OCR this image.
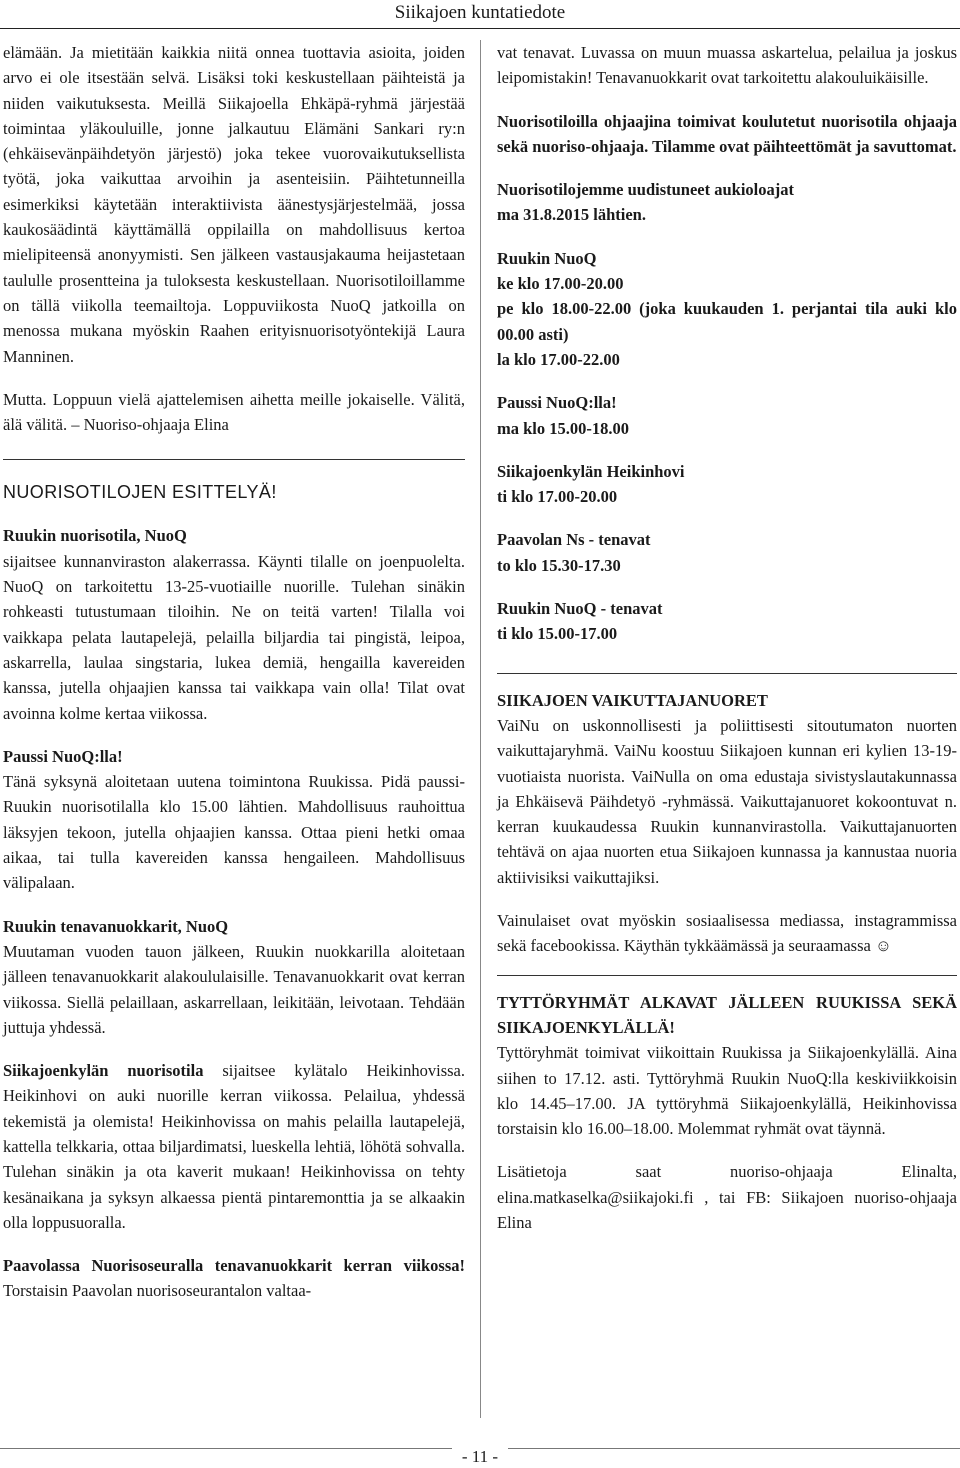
Siikajoen kuntatiedote

elämään. Ja mietitään kaikkia niitä onnea tuottavia asioita, joiden arvo ei ole itsestään selvä. Lisäksi toki keskustellaan päihteistä ja niiden vaikutuksesta. Meillä Siikajoella Ehkäpä-ryhmä järjestää toimintaa yläkouluille, jonne jalkautuu Elämäni Sankari ry:n (ehkäisevänpäihdetyön järjestö) joka tekee vuorovaikutuksellista työtä, joka vaikuttaa arvoihin ja asenteisiin. Päihtetunneilla esimerkiksi käytetään interaktiivista äänestysjärjestelmää, jossa kaukosäädintä käyttämällä oppilailla on mahdollisuus kertoa mielipiteensä anonyymisti. Sen jälkeen vastausjakauma heijastetaan taululle prosentteina ja tuloksesta keskustellaan. Nuorisotiloillamme on tällä viikolla teemailtoja. Loppuviikosta NuoQ jatkoilla on menossa mukana myöskin Raahen erityisnuorisotyöntekijä Laura Manninen.

Mutta. Loppuun vielä ajattelemisen aihetta meille jokaiselle. Välitä, älä välitä. – Nuoriso-ohjaaja Elina

NUORISOTILOJEN ESITTELYÄ!

Ruukin nuorisotila, NuoQ

sijaitsee kunnanviraston alakerrassa. Käynti tilalle on joenpuolelta. NuoQ on tarkoitettu 13-25-vuotiaille nuorille. Tulehan sinäkin rohkeasti tutustumaan tiloihin. Ne on teitä varten! Tilalla voi vaikkapa pelata lautapelejä, pelailla biljardia tai pingistä, leipoa, askarrella, laulaa singstaria, lukea demiä, hengailla kavereiden kanssa, jutella ohjaajien kanssa tai vaikkapa vain olla! Tilat ovat avoinna kolme kertaa viikossa.

Paussi NuoQ:lla!

Tänä syksynä aloitetaan uutena toimintona Ruukissa. Pidä paussi- Ruukin nuorisotilalla klo 15.00 lähtien. Mahdollisuus rauhoittua läksyjen tekoon, jutella ohjaajien kanssa. Ottaa pieni hetki omaa aikaa, tai tulla kavereiden kanssa hengaileen. Mahdollisuus välipalaan.

Ruukin tenavanuokkarit, NuoQ

Muutaman vuoden tauon jälkeen, Ruukin nuokkarilla aloitetaan jälleen tenavanuokkarit alakoululaisille. Tenavanuokkarit ovat kerran viikossa. Siellä pelaillaan, askarrellaan, leikitään, leivotaan. Tehdään juttuja yhdessä.

Siikajoenkylän nuorisotila sijaitsee kylätalo Heikinhovissa. Heikinhovi on auki nuorille kerran viikossa. Pelailua, yhdessä tekemistä ja olemista! Heikinhovissa on mahis pelailla lautapelejä, kattella telkkaria, ottaa biljardimatsi, lueskella lehtiä, löhötä sohvalla. Tulehan sinäkin ja ota kaverit mukaan! Heikinhovissa on tehty kesänaikana ja syksyn alkaessa pientä pintaremonttia ja se alkaakin olla loppusuoralla.

Paavolassa Nuorisoseuralla tenavanuokkarit kerran viikossa! Torstaisin Paavolan nuorisoseurantalon valtaa-

vat tenavat. Luvassa on muun muassa askartelua, pelailua ja joskus leipomistakin! Tenavanuokkarit ovat tarkoitettu alakouluikäisille.

Nuorisotiloilla ohjaajina toimivat koulutetut nuorisotila ohjaaja sekä nuoriso-ohjaaja. Tilamme ovat päihteettömät ja savuttomat.

Nuorisotilojemme uudistuneet aukioloajat

ma 31.8.2015 lähtien.

Ruukin NuoQ

ke klo 17.00-20.00

pe klo 18.00-22.00 (joka kuukauden 1. perjantai tila auki klo 00.00 asti)

la klo 17.00-22.00

Paussi NuoQ:lla!

ma klo 15.00-18.00

Siikajoenkylän Heikinhovi

ti klo 17.00-20.00

Paavolan Ns - tenavat

to klo 15.30-17.30

Ruukin NuoQ - tenavat

ti klo 15.00-17.00

SIIKAJOEN VAIKUTTAJANUORET

VaiNu on uskonnollisesti ja poliittisesti sitoutumaton nuorten vaikuttajaryhmä. VaiNu koostuu Siikajoen kunnan eri kylien 13-19- vuotiaista nuorista. VaiNulla on oma edustaja sivistyslautakunnassa ja Ehkäisevä Päihdetyö -ryhmässä. Vaikuttajanuoret kokoontuvat n. kerran kuukaudessa Ruukin kunnanvirastolla. Vaikuttajanuorten tehtävä on ajaa nuorten etua Siikajoen kunnassa ja kannustaa nuoria aktiivisiksi vaikuttajiksi.

Vainulaiset ovat myöskin sosiaalisessa mediassa, instagrammissa sekä facebookissa. Käythän tykkäämässä ja seuraamassa ☺

TYTTÖRYHMÄT ALKAVAT JÄLLEEN RUUKISSA SEKÄ SIIKAJOENKYLÄLLÄ!

Tyttöryhmät toimivat viikoittain Ruukissa ja Siikajoenkylällä. Aina siihen to 17.12. asti. Tyttöryhmä Ruukin NuoQ:lla keskiviikkoisin klo 14.45–17.00. JA tyttöryhmä Siikajoenkylällä, Heikinhovissa torstaisin klo 16.00–18.00. Molemmat ryhmät ovat täynnä.

Lisätietoja saat nuoriso-ohjaaja Elinalta, elina.matkaselka@siikajoki.fi , tai FB: Siikajoen nuoriso-ohjaaja Elina

- 11 -
